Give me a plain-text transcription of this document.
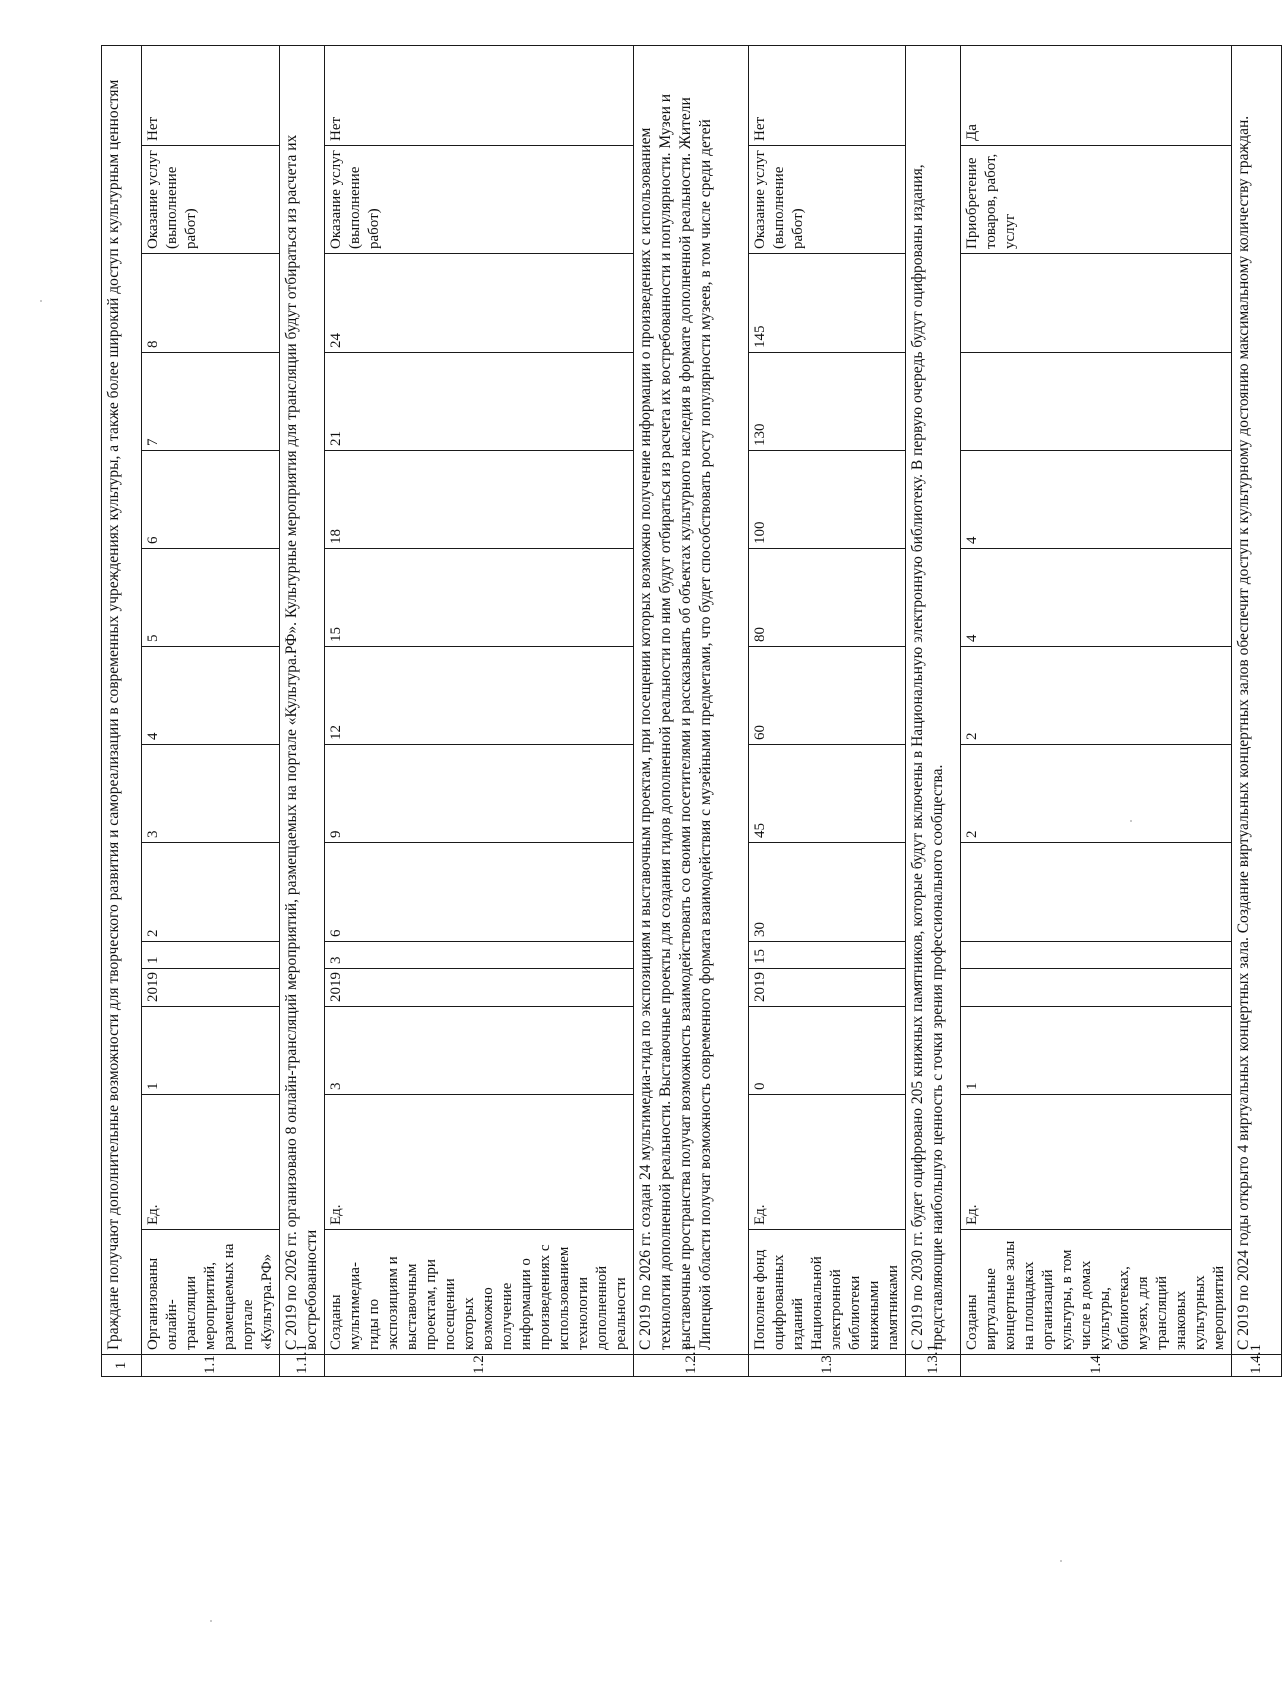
1	Граждане получают дополнительные возможности для творческого развития и самореализации в современных учреждениях культуры, а также более широкий доступ к культурным ценностям													
1.1	Организованы онлайн-трансляции мероприятий, размещаемых на портале «Культура.РФ»	Ед.	1	2019	1	2	3	4	5	6	7	8	Оказание услуг (выполнение работ)	Нет
1.1.1	С 2019 по 2026 гг. организовано 8 онлайн-трансляций мероприятий, размещаемых на портале «Культура.РФ». Культурные мероприятия для трансляции будут отбираться из расчета их востребованности													
1.2	Созданы мультимедиа-гиды по экспозициям и выставочным проектам, при посещении которых возможно получение информации о произведениях с использованием технологии дополненной реальности	Ед.	3	2019	3	6	9	12	15	18	21	24	Оказание услуг (выполнение работ)	Нет
1.2.1	С 2019 по 2026 гг. создан 24 мультимедиа-гида по экспозициям и выставочным проектам, при посещении которых возможно получение информации о произведениях с использованием технологии дополненной реальности. Выставочные проекты для создания гидов дополненной реальности по ним будут отбираться из расчета их востребованности и популярности. Музеи и выставочные пространства получат возможность взаимодействовать со своими посетителями и рассказывать об объектах культурного наследия в формате дополненной реальности. Жители Липецкой области получат возможность современного формата взаимодействия с музейными предметами, что будет способствовать росту популярности музеев, в том числе среди детей													
1.3	Пополнен фонд оцифрованных изданий Национальной электронной библиотеки книжными памятниками	Ед.	0	2019	15	30	45	60	80	100	130	145	Оказание услуг (выполнение работ)	Нет
1.3.1	С 2019 по 2030 гг. будет оцифровано 205 книжных памятников, которые будут включены в Национальную электронную библиотеку. В первую очередь будут оцифрованы издания, представляющие наибольшую ценность с точки зрения профессионального сообщества.													
1.4	Созданы виртуальные концертные залы на площадках организаций культуры, в том числе в домах культуры, библиотеках, музеях, для трансляций знаковых культурных мероприятий	Ед.	1				2	2	4	4			Приобретение товаров, работ, услуг	Да
1.4.1	С 2019 по 2024 годы открыто 4 виртуальных концертных зала. Создание виртуальных концертных залов обеспечит доступ к культурному достоянию максимальному количеству граждан.													
